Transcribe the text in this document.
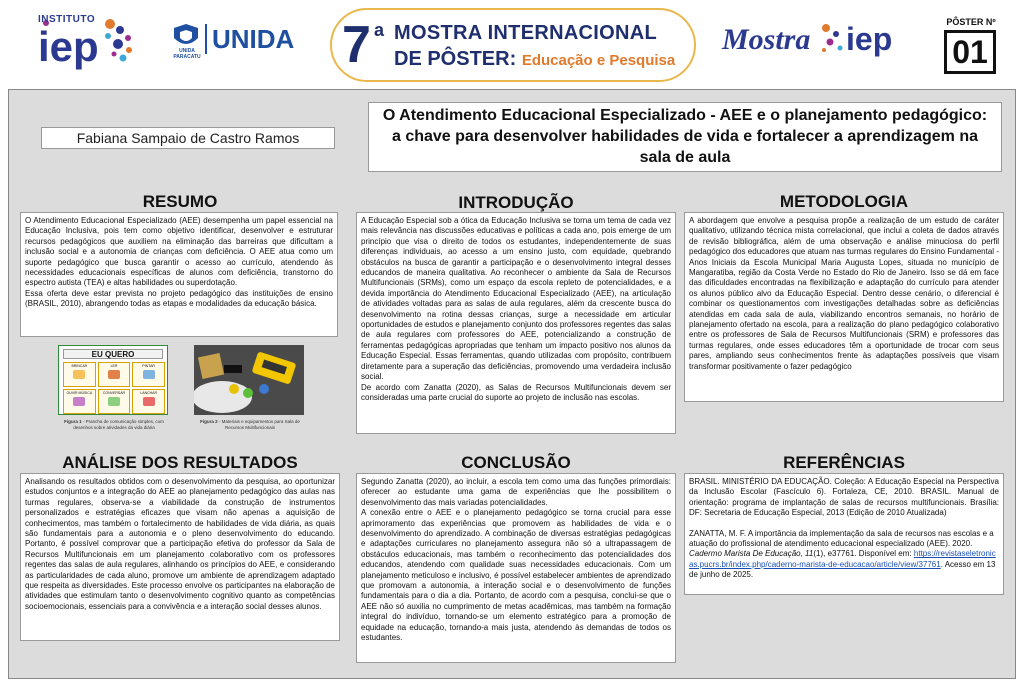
INSTITUTO
iep	UNIDA
PARACATU
UNIDA 7 a MOSTRA INTERNACIONAL
DE PÔSTER: Educação e Pesquisa
Mostra iep	PÔSTER Nº
01
Fabiana Sampaio de Castro Ramos
O Atendimento Educacional Especializado - AEE e o planejamento pedagógico: a chave para desenvolver habilidades de vida e fortalecer a aprendizagem na sala de aula
RESUMO

O Atendimento Educacional Especializado (AEE) desempenha um papel essencial na Educação Inclusiva, pois tem como objetivo identificar, desenvolver e estruturar recursos pedagógicos que auxiliem na eliminação das barreiras que dificultam a inclusão social e a autonomia de crianças com deficiência. O AEE atua como um suporte pedagógico que busca garantir o acesso ao currículo, atendendo às necessidades educacionais específicas de alunos com deficiência, transtorno do espectro autista (TEA) e altas habilidades ou superdotação.

Essa oferta deve estar prevista no projeto pedagógico das instituições de ensino (BRASIL, 2010), abrangendo todas as etapas e modalidades da educação básica.

EU QUERO
BRINCAR	LER	PINTAR
OUVIR MÚSICA	CONVERSAR	LANCHAR
Figura 1 - Prancha de comunicação simples, com desenhos sobre atividades da vida diária
Figura 2 - Materiais e equipamentos para Sala de Recursos Multifuncionais
INTRODUÇÃO

A Educação Especial sob a ótica da Educação Inclusiva se torna um tema de cada vez mais relevância nas discussões educativas e políticas a cada ano, pois emerge de um princípio que visa o direito de todos os estudantes, independentemente de suas diferenças individuais, ao acesso a um ensino justo, com equidade, quebrando obstáculos na busca de garantir a participação e o desenvolvimento integral desses educandos de maneira qualitativa. Ao reconhecer o ambiente da Sala de Recursos Multifuncionais (SRMs), como um espaço da escola repleto de potencialidades, e a devida importância do Atendimento Educacional Especializado (AEE), na articulação de atividades voltadas para as salas de aula regulares, além da crescente busca do desenvolvimento na rotina dessas crianças, surge a necessidade em articular oportunidades de estudos e planejamento conjunto dos professores regentes das salas de aula regulares com professores do AEE, potencializando a construção de ferramentas pedagógicas apropriadas que tenham um impacto positivo nos alunos da Educação Especial. Essas ferramentas, quando utilizadas com propósito, contribuem diretamente para a superação das deficiências, promovendo uma verdadeira inclusão social.

De acordo com Zanatta (2020), as Salas de Recursos Multifuncionais devem ser consideradas uma parte crucial do suporte ao projeto de inclusão nas escolas.

METODOLOGIA

A abordagem que envolve a pesquisa propõe a realização de um estudo de caráter qualitativo, utilizando técnica mista correlacional, que inclui a coleta de dados através de revisão bibliográfica, além de uma observação e análise minuciosa do perfil pedagógico dos educadores que atuam nas turmas regulares do Ensino Fundamental - Anos Iniciais da Escola Municipal Maria Augusta Lopes, situada no município de Mangaratiba, região da Costa Verde no Estado do Rio de Janeiro. Isso se dá em face das dificuldades encontradas na flexibilização e adaptação do currículo para atender os alunos público alvo da Educação Especial. Dentro desse cenário, o diferencial é combinar os questionamentos com investigações detalhadas sobre as deficiências atendidas em cada sala de aula, viabilizando encontros semanais, no horário de planejamento ofertado na escola, para a realização do plano pedagógico colaborativo entre os professores de Sala de Recursos Multifuncionais (SRM) e professores das turmas regulares, onde esses educadores têm a oportunidade de trocar com seus pares, ampliando seus conhecimentos frente às adaptações possíveis que visam transformar positivamente o fazer pedagógico

ANÁLISE DOS RESULTADOS

Analisando os resultados obtidos com o desenvolvimento da pesquisa, ao oportunizar estudos conjuntos e a integração do AEE ao planejamento pedagógico das aulas nas turmas regulares, observa-se a viabilidade da construção de instrumentos personalizados e estratégias eficazes que visam não apenas a aquisição de conhecimentos, mas também o fortalecimento de habilidades de vida diária, as quais são fundamentais para a autonomia e o pleno desenvolvimento do educando. Portanto, é possível comprovar que a participação efetiva do professor da Sala de Recursos Multifuncionais em um planejamento colaborativo com os professores regentes das salas de aula regulares, alinhando os princípios do AEE, e considerando as particularidades de cada aluno, promove um ambiente de aprendizagem adaptado que respeita as diversidades. Este processo envolve os participantes na elaboração de atividades que estimulam tanto o desenvolvimento cognitivo quanto as competências socioemocionais, essenciais para a convivência e a interação social desses alunos.

CONCLUSÃO

Segundo Zanatta (2020), ao incluir, a escola tem como uma das funções primordiais: oferecer ao estudante uma gama de experiências que lhe possibilitem o desenvolvimento das mais variadas potencialidades.

A conexão entre o AEE e o planejamento pedagógico se torna crucial para esse aprimoramento das experiências que promovem as habilidades de vida e o desenvolvimento do aprendizado. A combinação de diversas estratégias pedagógicas e adaptações curriculares no planejamento assegura não só a ultrapassagem de obstáculos educacionais, mas também o reconhecimento das potencialidades dos educandos, atendendo com qualidade suas necessidades educacionais. Com um planejamento meticuloso e inclusivo, é possível estabelecer ambientes de aprendizado que promovam a autonomia, a interação social e o desenvolvimento de funções fundamentais para o dia a dia. Portanto, de acordo com a pesquisa, conclui-se que o AEE não só auxilia no cumprimento de metas acadêmicas, mas também na formação integral do indivíduo, tornando-se um elemento estratégico para a promoção de equidade na educação, tornando-a mais justa, atendendo às demandas de todos os estudantes.

REFERÊNCIAS

BRASIL. MINISTÉRIO DA EDUCAÇÃO. Coleção: A Educação Especial na Perspectiva da Inclusão Escolar (Fascículo 6). Fortaleza, CE, 2010. BRASIL. Manual de orientação: programa de implantação de salas de recursos multifuncionais. Brasília: DF: Secretaria de Educação Especial, 2013 (Edição de 2010 Atualizada)

ZANATTA, M. F. A importância da implementação da sala de recursos nas escolas e a atuação do profissional de atendimento educacional especializado (AEE). 2020. Cadermo Marista De Educação, 11(1), e37761. Disponível em: https://revistaseletronicas.pucrs.br/index.php/caderno-marista-de-educacao/article/view/37761. Acesso em 13 de junho de 2025.
